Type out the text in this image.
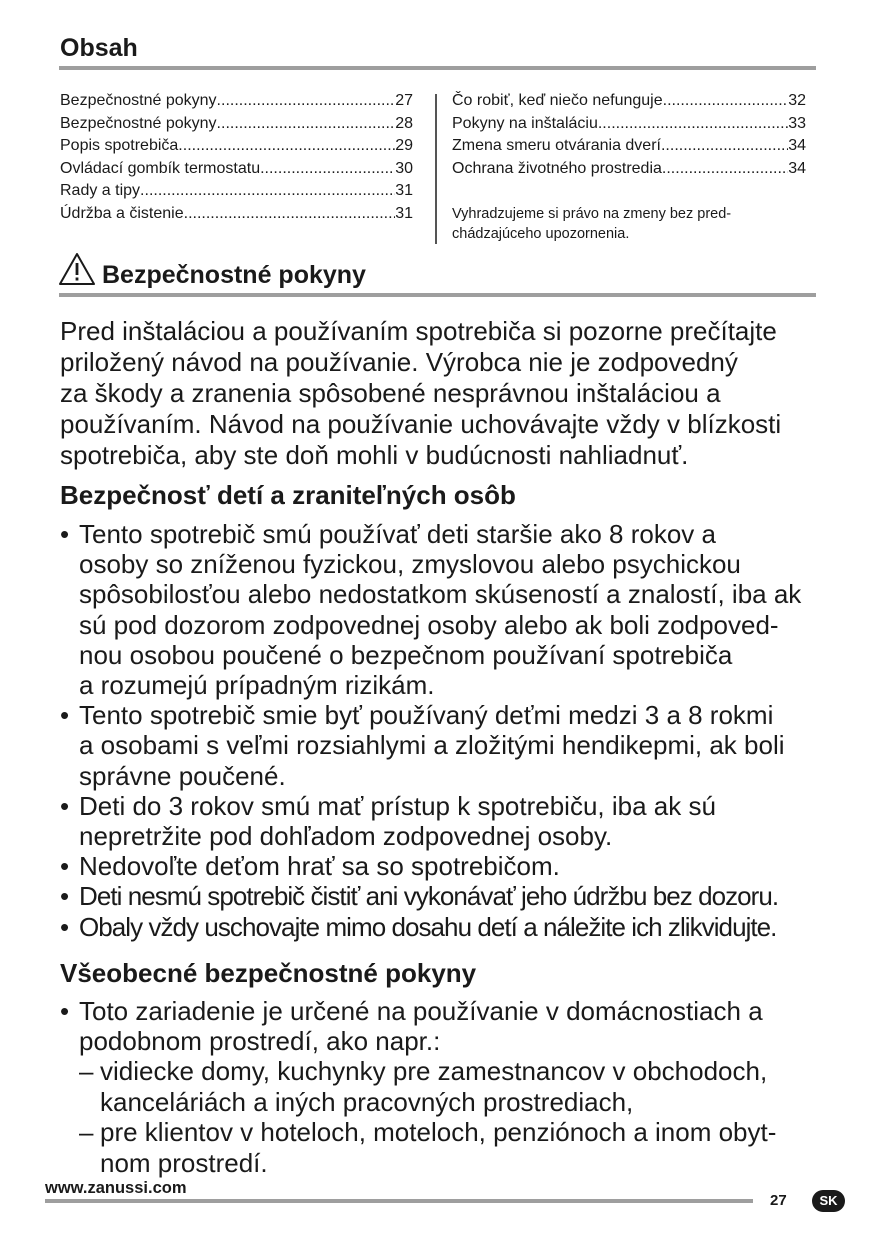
Obsah
Bezpečnostné pokyny .....	27
Bezpečnostné pokyny .....	28
Popis spotrebiča .....	29
Ovládací gombík termostatu .....	30
Rady a tipy .....	31
Údržba a čistenie .....	31
Čo robiť, keď niečo nefunguje .....	32
Pokyny na inštaláciu .....	33
Zmena smeru otvárania dverí .....	34
Ochrana životného prostredia .....	34
Vyhradzujeme si právo na zmeny bez pred-
chádzajúceho upozornenia.
Bezpečnostné pokyny
Pred inštaláciou a používaním spotrebiča si pozorne prečítajte
priložený návod na používanie. Výrobca nie je zodpovedný
za škody a zranenia spôsobené nesprávnou inštaláciou a
používaním. Návod na používanie uchovávajte vždy v blízkosti
spotrebiča, aby ste doň mohli v budúcnosti nahliadnuť.
Bezpečnosť detí a zraniteľných osôb
• Tento spotrebič smú používať deti staršie ako 8 rokov a
osoby so zníženou fyzickou, zmyslovou alebo psychickou
spôsobilosťou alebo nedostatkom skúseností a znalostí, iba ak
sú pod dozorom zodpovednej osoby alebo ak boli zodpoved-
nou osobou poučené o bezpečnom používaní spotrebiča
a rozumejú prípadným rizikám.
• Tento spotrebič smie byť používaný deťmi medzi 3 a 8 rokmi
a osobami s veľmi rozsiahlymi a zložitými hendikepmi, ak boli
správne poučené.
• Deti do 3 rokov smú mať prístup k spotrebiču, iba ak sú
nepretržite pod dohľadom zodpovednej osoby.
• Nedovoľte deťom hrať sa so spotrebičom.
• Deti nesmú spotrebič čistiť ani vykonávať jeho údržbu bez dozoru.
• Obaly vždy uschovajte mimo dosahu detí a náležite ich zlikvidujte.
Všeobecné bezpečnostné pokyny
• Toto zariadenie je určené na používanie v domácnostiach a
podobnom prostredí, ako napr.:
– vidiecke domy, kuchynky pre zamestnancov v obchodoch,
kanceláriách a iných pracovných prostrediach,
– pre klientov v hoteloch, moteloch, penziónoch a inom obyt-
nom prostredí.
www.zanussi.com
27	SK
